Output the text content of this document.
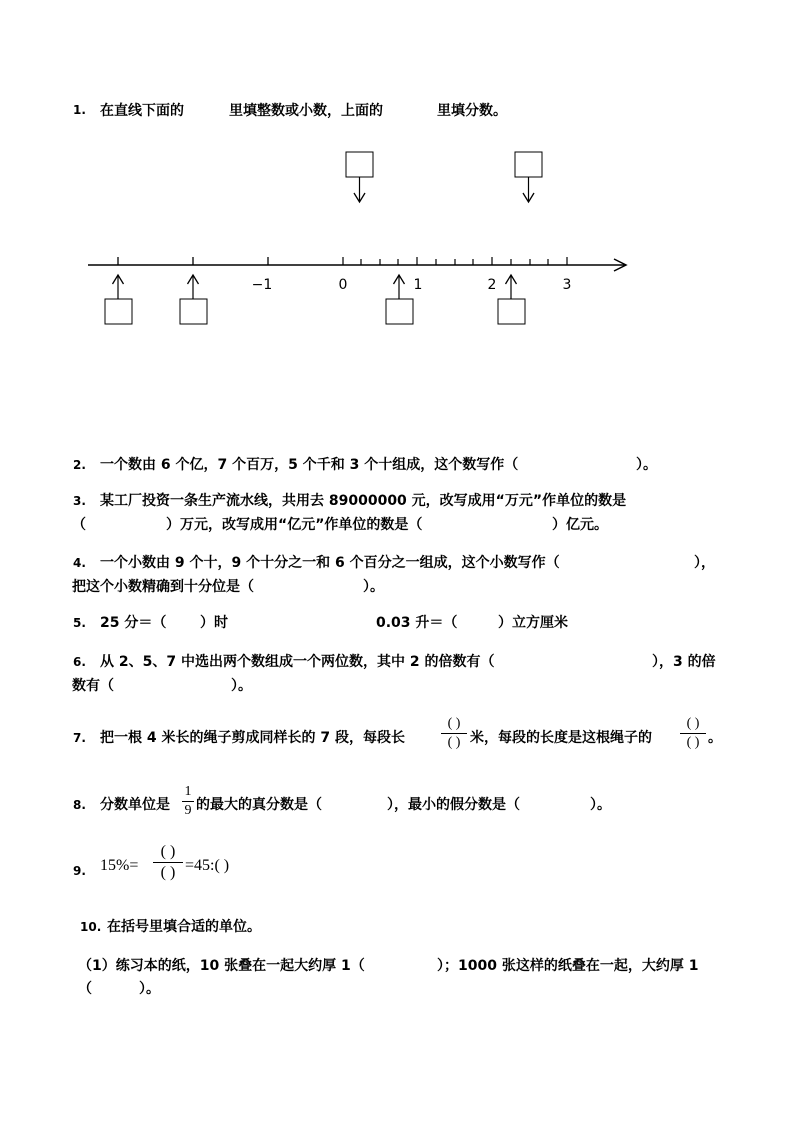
1. 在直线下面的	里填整数或小数，上面的	里填分数。
−1	0	1	2	3
2. 一个数由 6 个亿，7 个百万，5 个千和 3 个十组成，这个数写作（	）。
3. 某工厂投资一条生产流水线，共用去 89000000 元，改写成用“万元”作单位的数是
（	）万元，改写成用“亿元”作单位的数是（	）亿元。
4. 一个小数由 9 个十，9 个十分之一和 6 个百分之一组成，这个小数写作（	），
把这个小数精确到十分位是（	）。
5. 25 分＝（ ）时	0.03 升＝（	）立方厘米
6. 从 2、5、7 中选出两个数组成一个两位数，其中 2 的倍数有（	），3 的倍
数有（	）。
7. 把一根 4 米长的绳子剪成同样长的 7 段，每段长
( )
( ) 米，每段的长度是这根绳子的
( )
( ) 。
8. 分数单位是
1
9 的最大的真分数是（	），最小的假分数是（	）。
9. 15%=
( )
( ) =45:( )
10. 在括号里填合适的单位。
（1）练习本的纸，10 张叠在一起大约厚 1（	）；1000 张这样的纸叠在一起，大约厚 1
（	）。
